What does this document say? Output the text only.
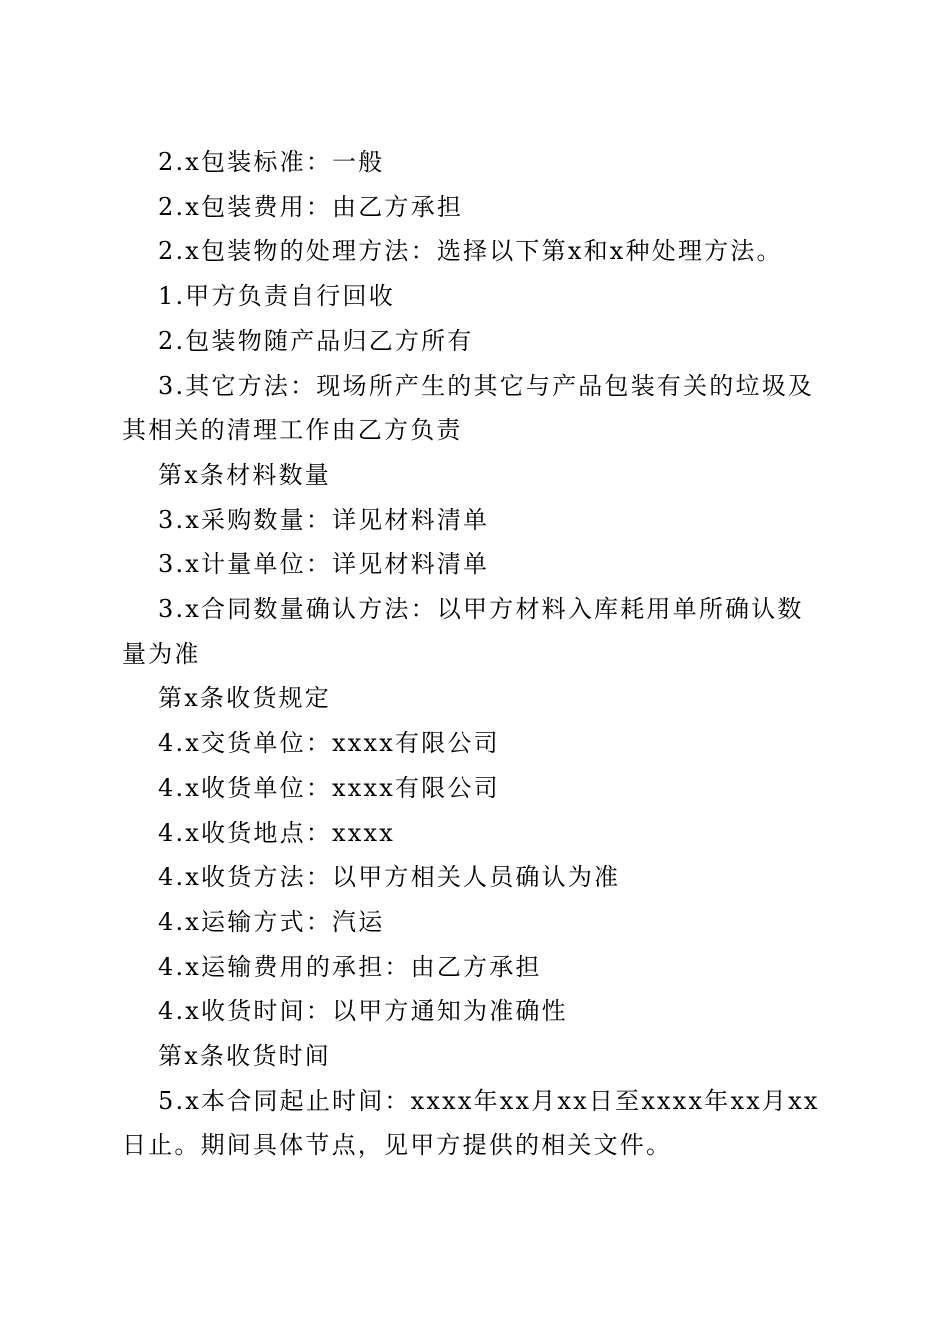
2.x包装标准：一般

2.x包装费用：由乙方承担

2.x包装物的处理方法：选择以下第x和x种处理方法。

1.甲方负责自行回收

2.包装物随产品归乙方所有

3.其它方法：现场所产生的其它与产品包装有关的垃圾及其相关的清理工作由乙方负责

第x条材料数量

3.x采购数量：详见材料清单

3.x计量单位：详见材料清单

3.x合同数量确认方法：以甲方材料入库耗用单所确认数量为准

第x条收货规定

4.x交货单位：xxxx有限公司

4.x收货单位：xxxx有限公司

4.x收货地点：xxxx

4.x收货方法：以甲方相关人员确认为准

4.x运输方式：汽运

4.x运输费用的承担：由乙方承担

4.x收货时间：以甲方通知为准确性

第x条收货时间

5.x本合同起止时间：xxxx年xx月xx日至xxxx年xx月xx日止。期间具体节点，见甲方提供的相关文件。
